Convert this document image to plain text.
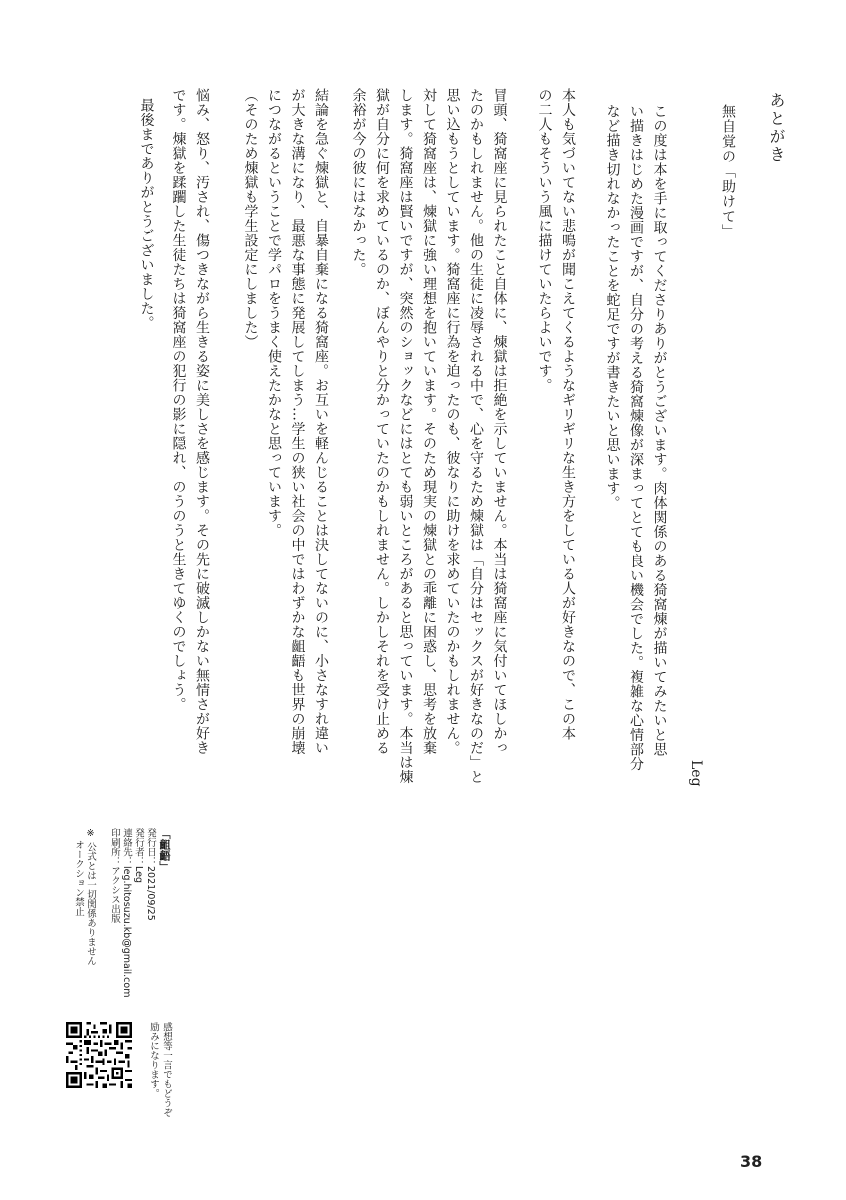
あとがき
無自覚の「助けて」
この度は本を手に取ってくださりありがとうございます。肉体関係のある猗窩煉が描いてみたいと思
い描きはじめた漫画ですが、自分の考える猗窩煉像が深まってとても良い機会でした。複雑な心情部分
など描き切れなかったことを蛇足ですが書きたいと思います。
Leg
本人も気づいてない悲鳴が聞こえてくるようなギリギリな生き方をしている人が好きなので、この本
の二人もそういう風に描けていたらよいです。
冒頭、猗窩座に見られたこと自体に、煉獄は拒絶を示していません。本当は猗窩座に気付いてほしかっ
たのかもしれません。他の生徒に凌辱される中で、心を守るため煉獄は「自分はセックスが好きなのだ」と
思い込もうとしています。猗窩座に行為を迫ったのも、彼なりに助けを求めていたのかもしれません。
対して猗窩座は、煉獄に強い理想を抱いています。そのため現実の煉獄との乖離に困惑し、思考を放棄
します。猗窩座は賢いですが、突然のショックなどにはとても弱いところがあると思っています。本当は煉
獄が自分に何を求めているのか、ぼんやりと分かっていたのかもしれません。しかしそれを受け止める
余裕が今の彼にはなかった。
結論を急ぐ煉獄と、自暴自棄になる猗窩座。お互いを軽んじることは決してないのに、小さなすれ違い
が大きな溝になり、最悪な事態に発展してしまう…学生の狭い社会の中ではわずかな齟齬も世界の崩壊
につながるということで学パロをうまく使えたかなと思っています。
（そのため煉獄も学生設定にしました）
悩み、怒り、汚され、傷つきながら生きる姿に美しさを感じます。その先に破滅しかない無情さが好き
です。煉獄を蹂躙した生徒たちは猗窩座の犯行の影に隠れ、のうのうと生きてゆくのでしょう。
最後までありがとうございました。
「齟齬」
発行日：2021/09/25
発行者：Leg
連絡先：leg.hitosuzu.kb@gmail.com
印刷所：アクシス出版
※ 公式とは一切関係ありません
オークション禁止
感想等一言でもどうぞ
励みになります。
38
